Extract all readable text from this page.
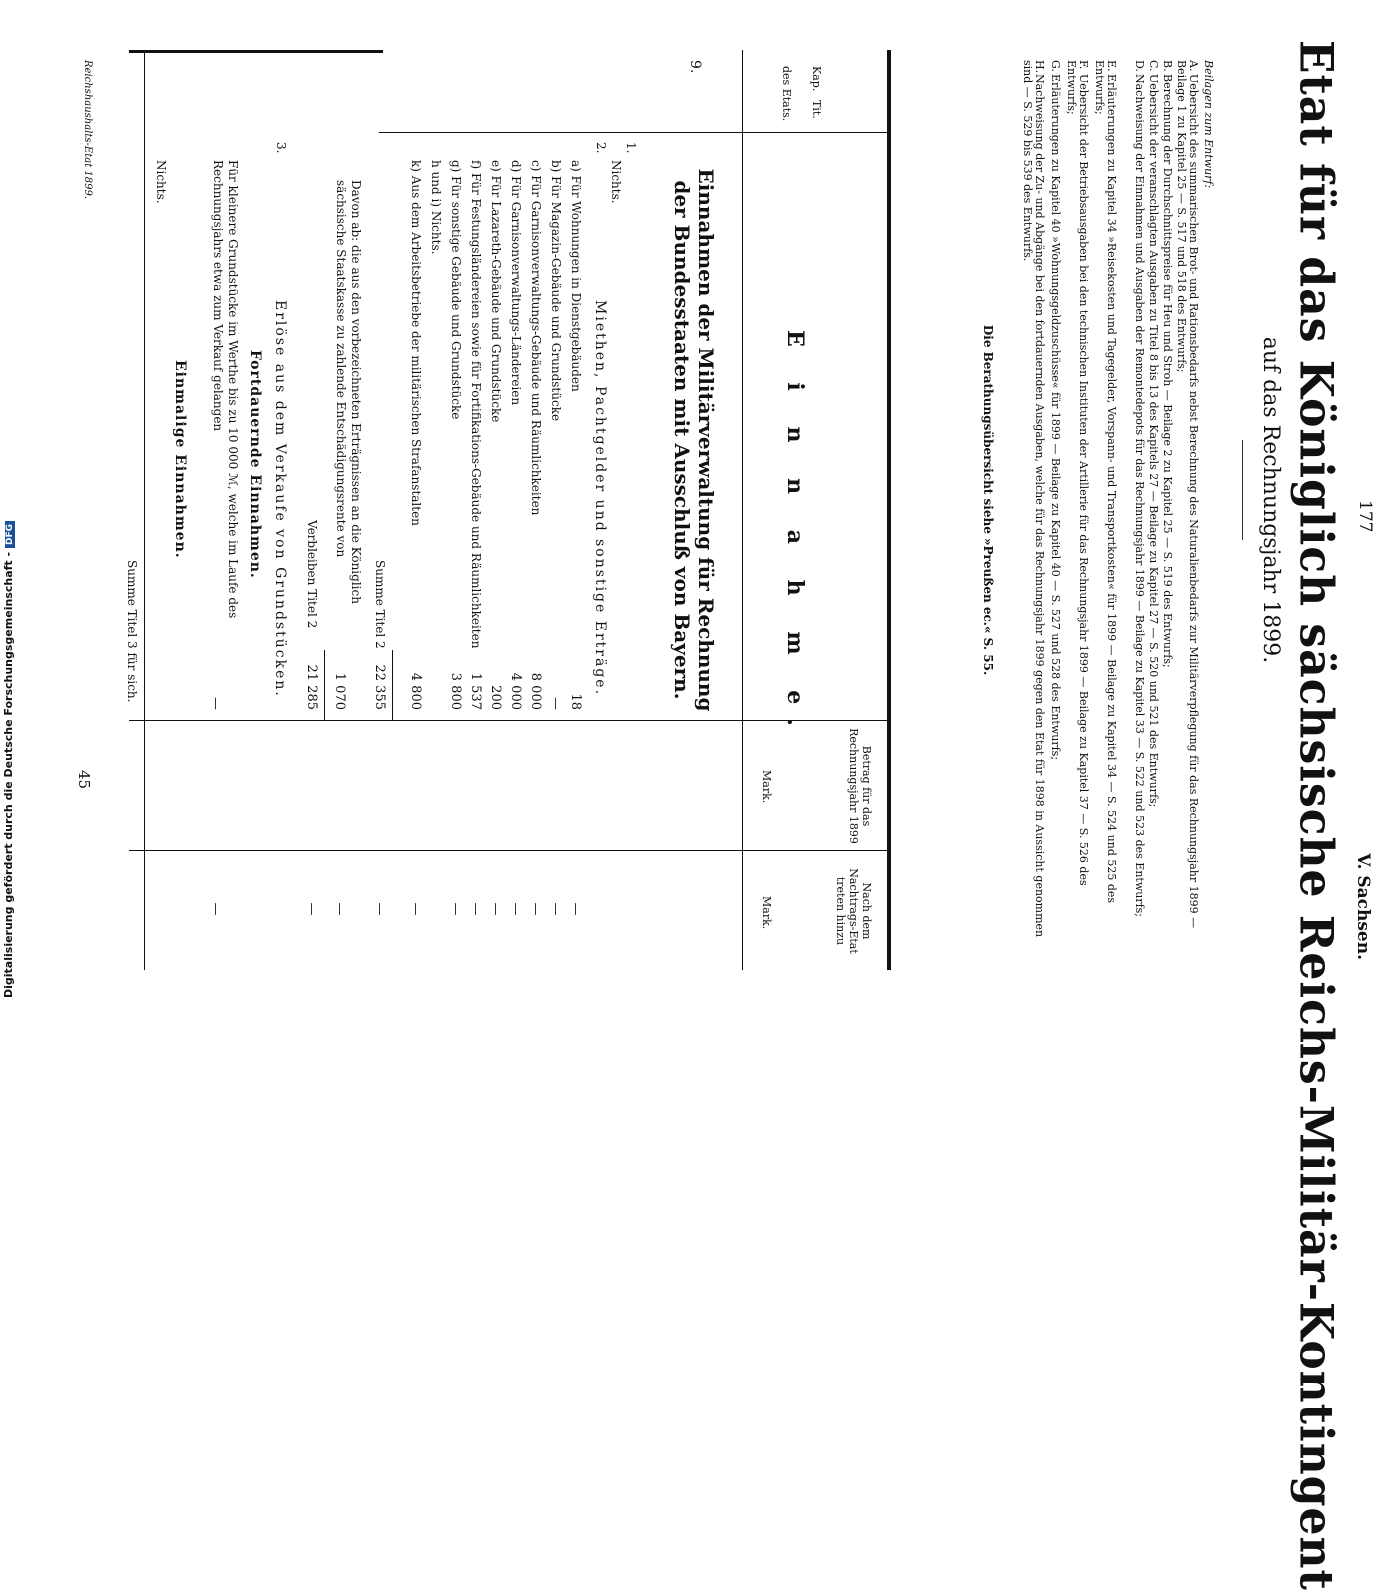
177
V. Sachsen.
Etat für das Königlich sächsische Reichs-Militär-Kontingent
auf das Rechnungsjahr 1899.
Beilagen zum Entwurf:
A.Uebersicht des summarischen Brot- und Rationsbedarfs nebst Berechnung des Naturalienbedarfs zur Militärverpflegung für das Rechnungsjahr 1899 — Beilage 1 zu Kapitel 25 — S. 517 und 518 des Entwurfs;
B.Berechnung der Durchschnittspreise für Heu und Stroh — Beilage 2 zu Kapitel 25 — S. 519 des Entwurfs;
C.Uebersicht der veranschlagten Ausgaben zu Titel 8 bis 13 des Kapitels 27 — Beilage zu Kapitel 27 — S. 520 und 521 des Entwurfs;
D.Nachweisung der Einnahmen und Ausgaben der Remontedepots für das Rechnungsjahr 1899 — Beilage zu Kapitel 33 — S. 522 und 523 des Entwurfs;
E.Erläuterungen zu Kapitel 34 »Reisekosten und Tagegelder, Vorspann- und Transportkosten« für 1899 — Beilage zu Kapitel 34 — S. 524 und 525 des Entwurfs;
F.Uebersicht der Betriebsausgaben bei den technischen Instituten der Artillerie für das Rechnungsjahr 1899 — Beilage zu Kapitel 37 — S. 526 des Entwurfs;
G.Erläuterungen zu Kapitel 40 »Wohnungsgeldzuschüsse« für 1899 — Beilage zu Kapitel 40 — S. 527 und 528 des Entwurfs;
H.Nachweisung der Zu- und Abgänge bei den fortdauernden Ausgaben, welche für das Rechnungsjahr 1899 gegen den Etat für 1898 in Aussicht genommen sind — S. 529 bis 539 des Entwurfs.
Die Berathungsübersicht siehe »Preußen ec.« S. 55.
Kap.
Tit.
des Etats.
E i n n a h m e.
Betrag für das Rechnungsjahr 1899
Nach dem Nachtrags-Etat treten hinzu
Mark.
Mark.
9.
Einnahmen der Militärverwaltung für Rechnung der Bundesstaaten mit Ausschluß von Bayern.
1.
Nichts.
2.
Miethen, Pachtgelder und sonstige Erträge.
a) Für Wohnungen in Dienstgebäuden
18
—
b) Für Magazin-Gebäude und Grundstücke
—
—
c) Für Garnisonverwaltungs-Gebäude und Räumlichkeiten
8 000
—
d) Für Garnisonverwaltungs-Ländereien
4 000
—
e) Für Lazareth-Gebäude und Grundstücke
200
—
f) Für Festungsländereien sowie für Fortifikations-Gebäude und Räumlichkeiten
1 537
—
g) Für sonstige Gebäude und Grundstücke
3 800
—
h und i) Nichts.
k) Aus dem Arbeitsbetriebe der militärischen Strafanstalten
4 800
—
Summe Titel 2
22 355
—
Davon ab: die aus den vorbezeichneten Erträgnissen an die Königlich sächsische Staatskasse zu zahlende Entschädigungsrente von
1 070
—
Verbleiben Titel 2
21 285
—
3.
Erlöse aus dem Verkaufe von Grundstücken.
Fortdauernde Einnahmen.
Für kleinere Grundstücke im Werthe bis zu 10 000 ℳ, welche im Laufe des Rechnungsjahrs etwa zum Verkauf gelangen
—
—
Einmalige Einnahmen.
Nichts.
Summe Titel 3 für sich.
Reichshaushalts-Etat 1899.
45
Digitalisierung gefördert durch die Deutsche Forschungsgemeinschaft -DFG
